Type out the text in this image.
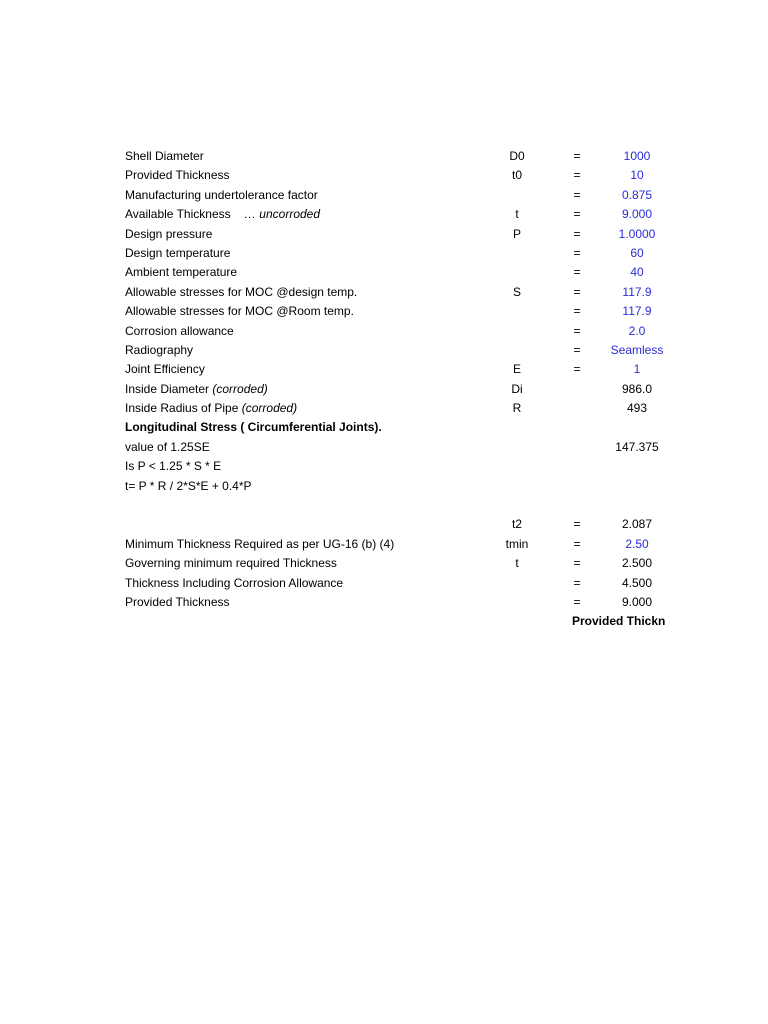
Shell Diameter	D0	=	1000
Provided Thickness	t0	=	10
Manufacturing undertolerance factor	=	0.875
Available Thickness … uncorroded	t	=	9.000
Design pressure	P	=	1.0000
Design temperature	=	60
Ambient temperature	=	40
Allowable stresses for MOC @design temp.	S	=	117.9
Allowable stresses for MOC @Room temp.	=	117.9
Corrosion allowance	=	2.0
Radiography	=	Seamless
Joint Efficiency	E	=	1
Inside Diameter (corroded)	Di	986.0
Inside Radius of Pipe (corroded)	R	493
Longitudinal Stress ( Circumferential Joints).
value of 1.25SE	147.375
Is P < 1.25 * S * E
t= P * R / 2*S*E + 0.4*P
t2	=	2.087
Minimum Thickness Required as per UG-16 (b) (4)	tmin	=	2.50
Governing minimum required Thickness	t	=	2.500
Thickness Including Corrosion Allowance	=	4.500
Provided Thickness	=	9.000
Provided Thickn
